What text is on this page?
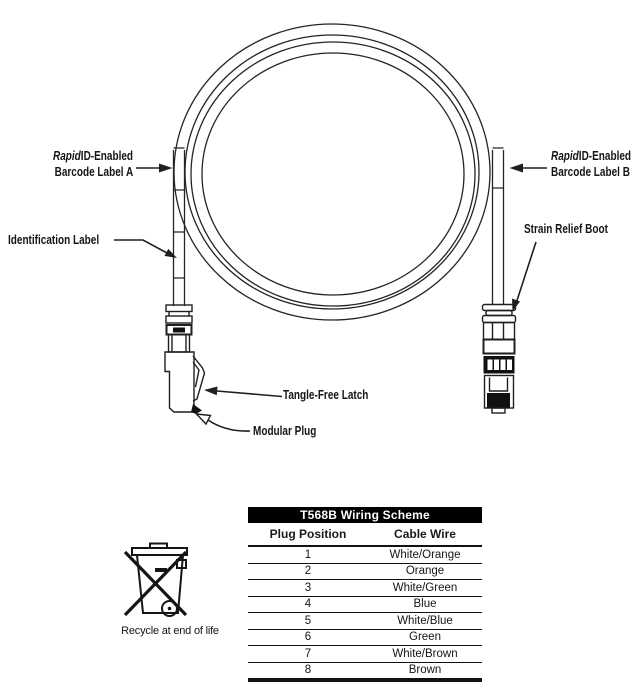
RapidID-Enabled
Barcode Label A
RapidID-Enabled
Barcode Label B
Identification Label
Strain Relief Boot
Tangle-Free Latch
Modular Plug
Recycle at end of life
T568B Wiring Scheme	
Plug Position	Cable Wire
1	White/Orange
2	Orange
3	White/Green
4	Blue
5	White/Blue
6	Green
7	White/Brown
8	Brown
